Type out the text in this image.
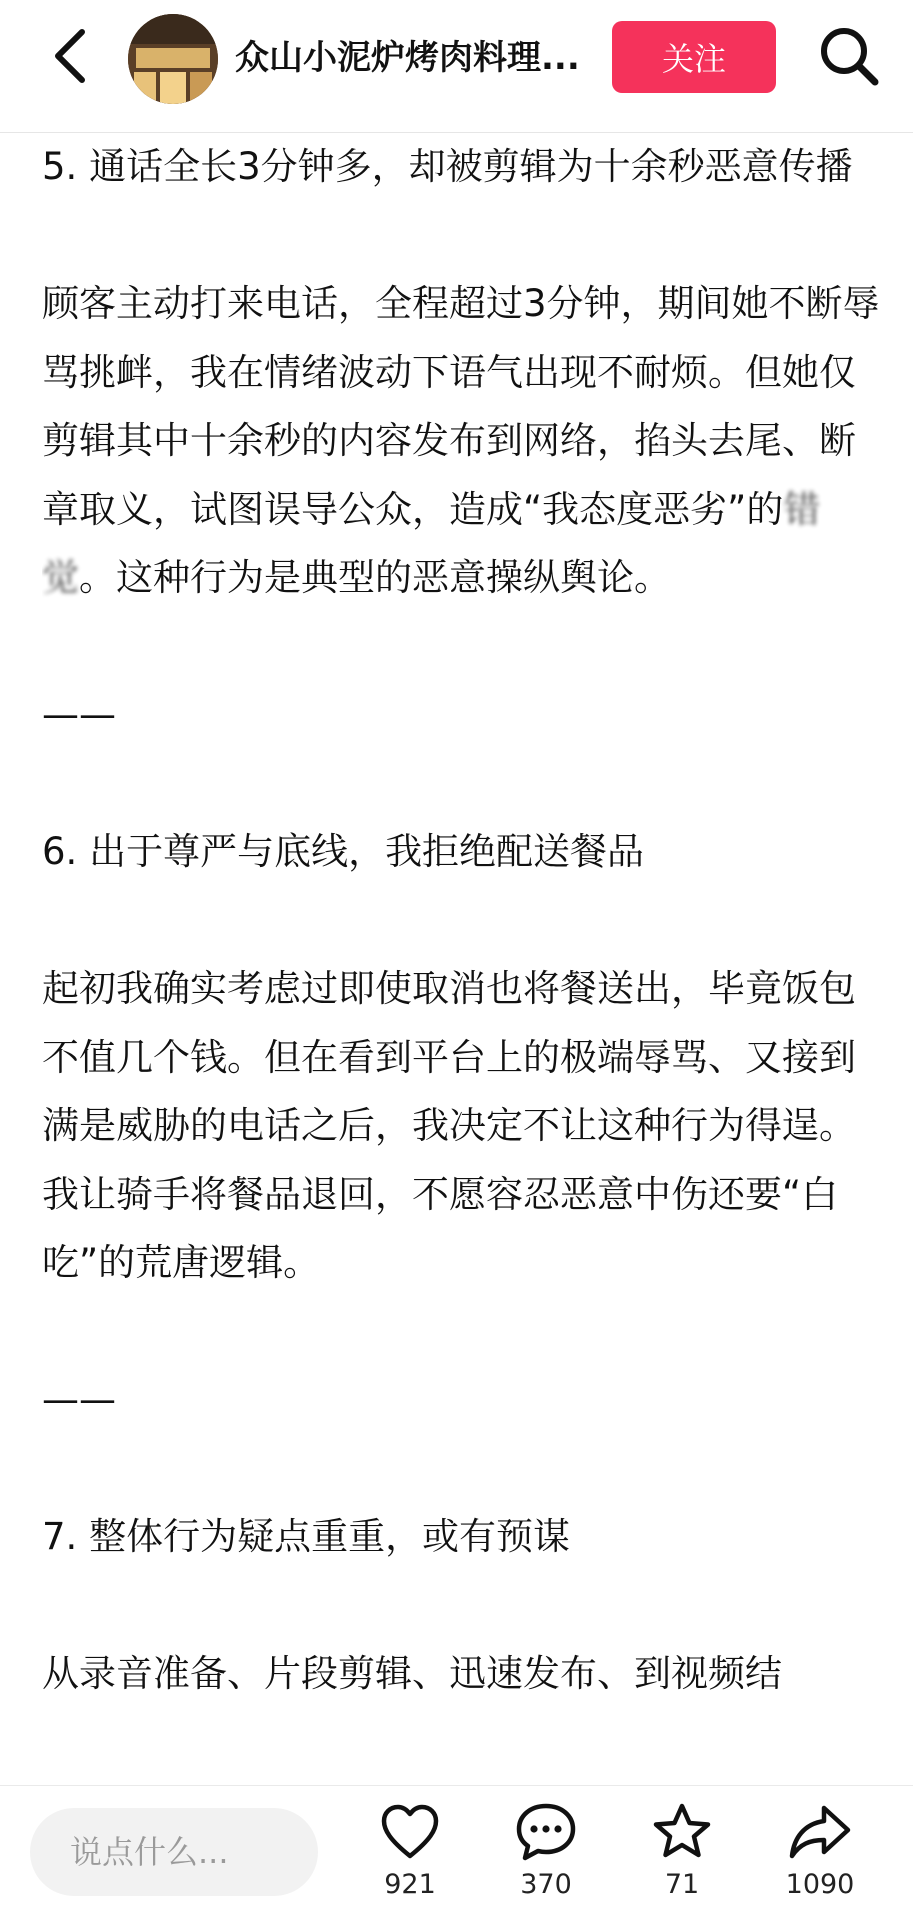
众山小泥炉烤肉料理...	关注
5. 通话全长3分钟多，却被剪辑为十余秒恶意传播
顾客主动打来电话，全程超过3分钟，期间她不断辱骂挑衅，我在情绪波动下语气出现不耐烦。但她仅剪辑其中十余秒的内容发布到网络，掐头去尾、断章取义，试图误导公众，造成“我态度恶劣”的错觉。这种行为是典型的恶意操纵舆论。
——
6. 出于尊严与底线，我拒绝配送餐品
起初我确实考虑过即使取消也将餐送出，毕竟饭包不值几个钱。但在看到平台上的极端辱骂、又接到满是威胁的电话之后，我决定不让这种行为得逞。我让骑手将餐品退回，不愿容忍恶意中伤还要“白吃”的荒唐逻辑。
——
7. 整体行为疑点重重，或有预谋
从录音准备、片段剪辑、迅速发布、到视频结
说点什么...
921	370	71	1090
